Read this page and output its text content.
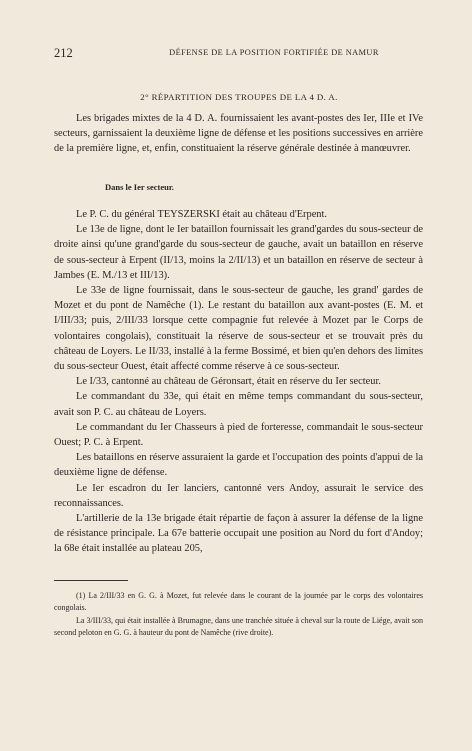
212	DÉFENSE DE LA POSITION FORTIFIÉE DE NAMUR
2° RÉPARTITION DES TROUPES DE LA 4 D. A.

Les brigades mixtes de la 4 D. A. fournissaient les avant-postes des Ier, IIIe et IVe secteurs, garnissaient la deuxième ligne de défense et les positions successives en arrière de la première ligne, et, enfin, constituaient la réserve générale destinée à manœuvrer.

Dans le Ier secteur.

Le P. C. du général TEYSZERSKI était au château d'Erpent.

Le 13e de ligne, dont le Ier bataillon fournissait les grand'gardes du sous-secteur de droite ainsi qu'une grand'garde du sous-secteur de gauche, avait un bataillon en réserve de sous-secteur à Erpent (II/13, moins la 2/II/13) et un bataillon en réserve de secteur à Jambes (E. M./13 et III/13).

Le 33e de ligne fournissait, dans le sous-secteur de gauche, les grand' gardes de Mozet et du pont de Namêche (1). Le restant du bataillon aux avant-postes (E. M. et I/III/33; puis, 2/III/33 lorsque cette compagnie fut relevée à Mozet par le Corps de volontaires congolais), constituait la réserve de sous-secteur et se trouvait près du château de Loyers. Le II/33, installé à la ferme Bossimé, et bien qu'en dehors des limites du sous-secteur Ouest, était affecté comme réserve à ce sous-secteur.

Le I/33, cantonné au château de Géronsart, était en réserve du Ier secteur.

Le commandant du 33e, qui était en même temps commandant du sous-secteur, avait son P. C. au château de Loyers.

Le commandant du Ier Chasseurs à pied de forteresse, commandait le sous-secteur Ouest; P. C. à Erpent.

Les bataillons en réserve assuraient la garde et l'occupation des points d'appui de la deuxième ligne de défense.

Le Ier escadron du Ier lanciers, cantonné vers Andoy, assurait le service des reconnaissances.

L'artillerie de la 13e brigade était répartie de façon à assurer la défense de la ligne de résistance principale. La 67e batterie occupait une position au Nord du fort d'Andoy; la 68e était installée au plateau 205,

(1) La 2/III/33 en G. G. à Mozet, fut relevée dans le courant de la journée par le corps des volontaires congolais.

La 3/III/33, qui était installée à Brumagne, dans une tranchée située à cheval sur la route de Liége, avait son second peloton en G. G. à hauteur du pont de Namêche (rive droite).
